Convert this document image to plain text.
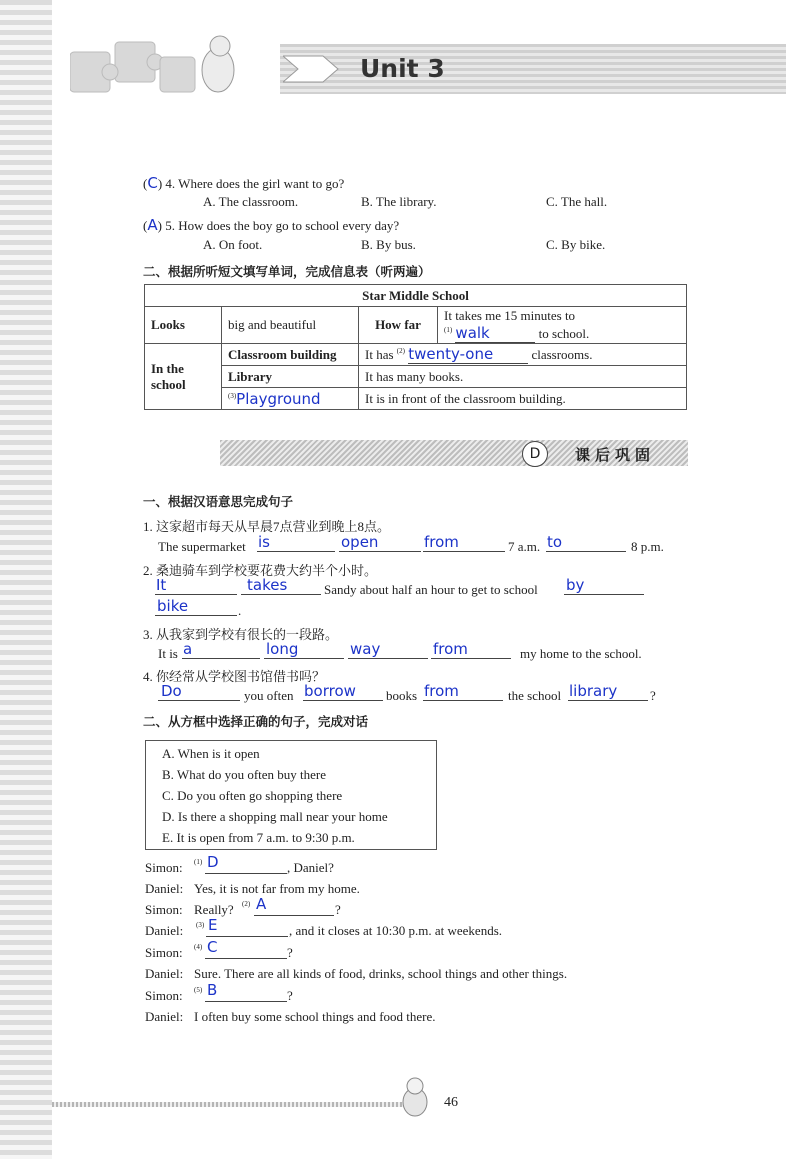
Unit 3
(C) 4. Where does the girl want to go?
A. The classroom.	B. The library.	C. The hall.
(A) 5. How does the boy go to school every day?
A. On foot.	B. By bus.	C. By bike.
二、根据所听短文填写单词，完成信息表（听两遍）
Star Middle School			
Looks	big and beautiful	How far	It takes me 15 minutes to
$^{(1)}$ walk to school.

In the school	Classroom building	It has $^{(2)}$ twenty-one classrooms.	
	Library	It has many books.	
	$^{(3)}$Playground	It is in front of the classroom building.	
D	课后巩固
一、根据汉语意思完成句子
1. 这家超市每天从早晨7点营业到晚上8点。
The supermarket is	open	from	7 a.m. to	8 p.m.
2. 桑迪骑车到学校要花费大约半个小时。
It	takes	Sandy about half an hour to get to school by
bike	.
3. 从我家到学校有很长的一段路。
It is a	long	way	from	my home to the school.
4. 你经常从学校图书馆借书吗？
Do	you often borrow books from	the school library	?
二、从方框中选择正确的句子，完成对话
A. When is it open
B. What do you often buy there
C. Do you often go shopping there
D. Is there a shopping mall near your home
E. It is open from 7 a.m. to 9:30 p.m.
Simon: (1) D	, Daniel?
Daniel: Yes, it is not far from my home.
Simon: Really? (2) A	?
Daniel: (3) E	, and it closes at 10:30 p.m. at weekends.
Simon: (4) C	?
Daniel: Sure. There are all kinds of food, drinks, school things and other things.
Simon: (5) B	?
Daniel: I often buy some school things and food there.
46
